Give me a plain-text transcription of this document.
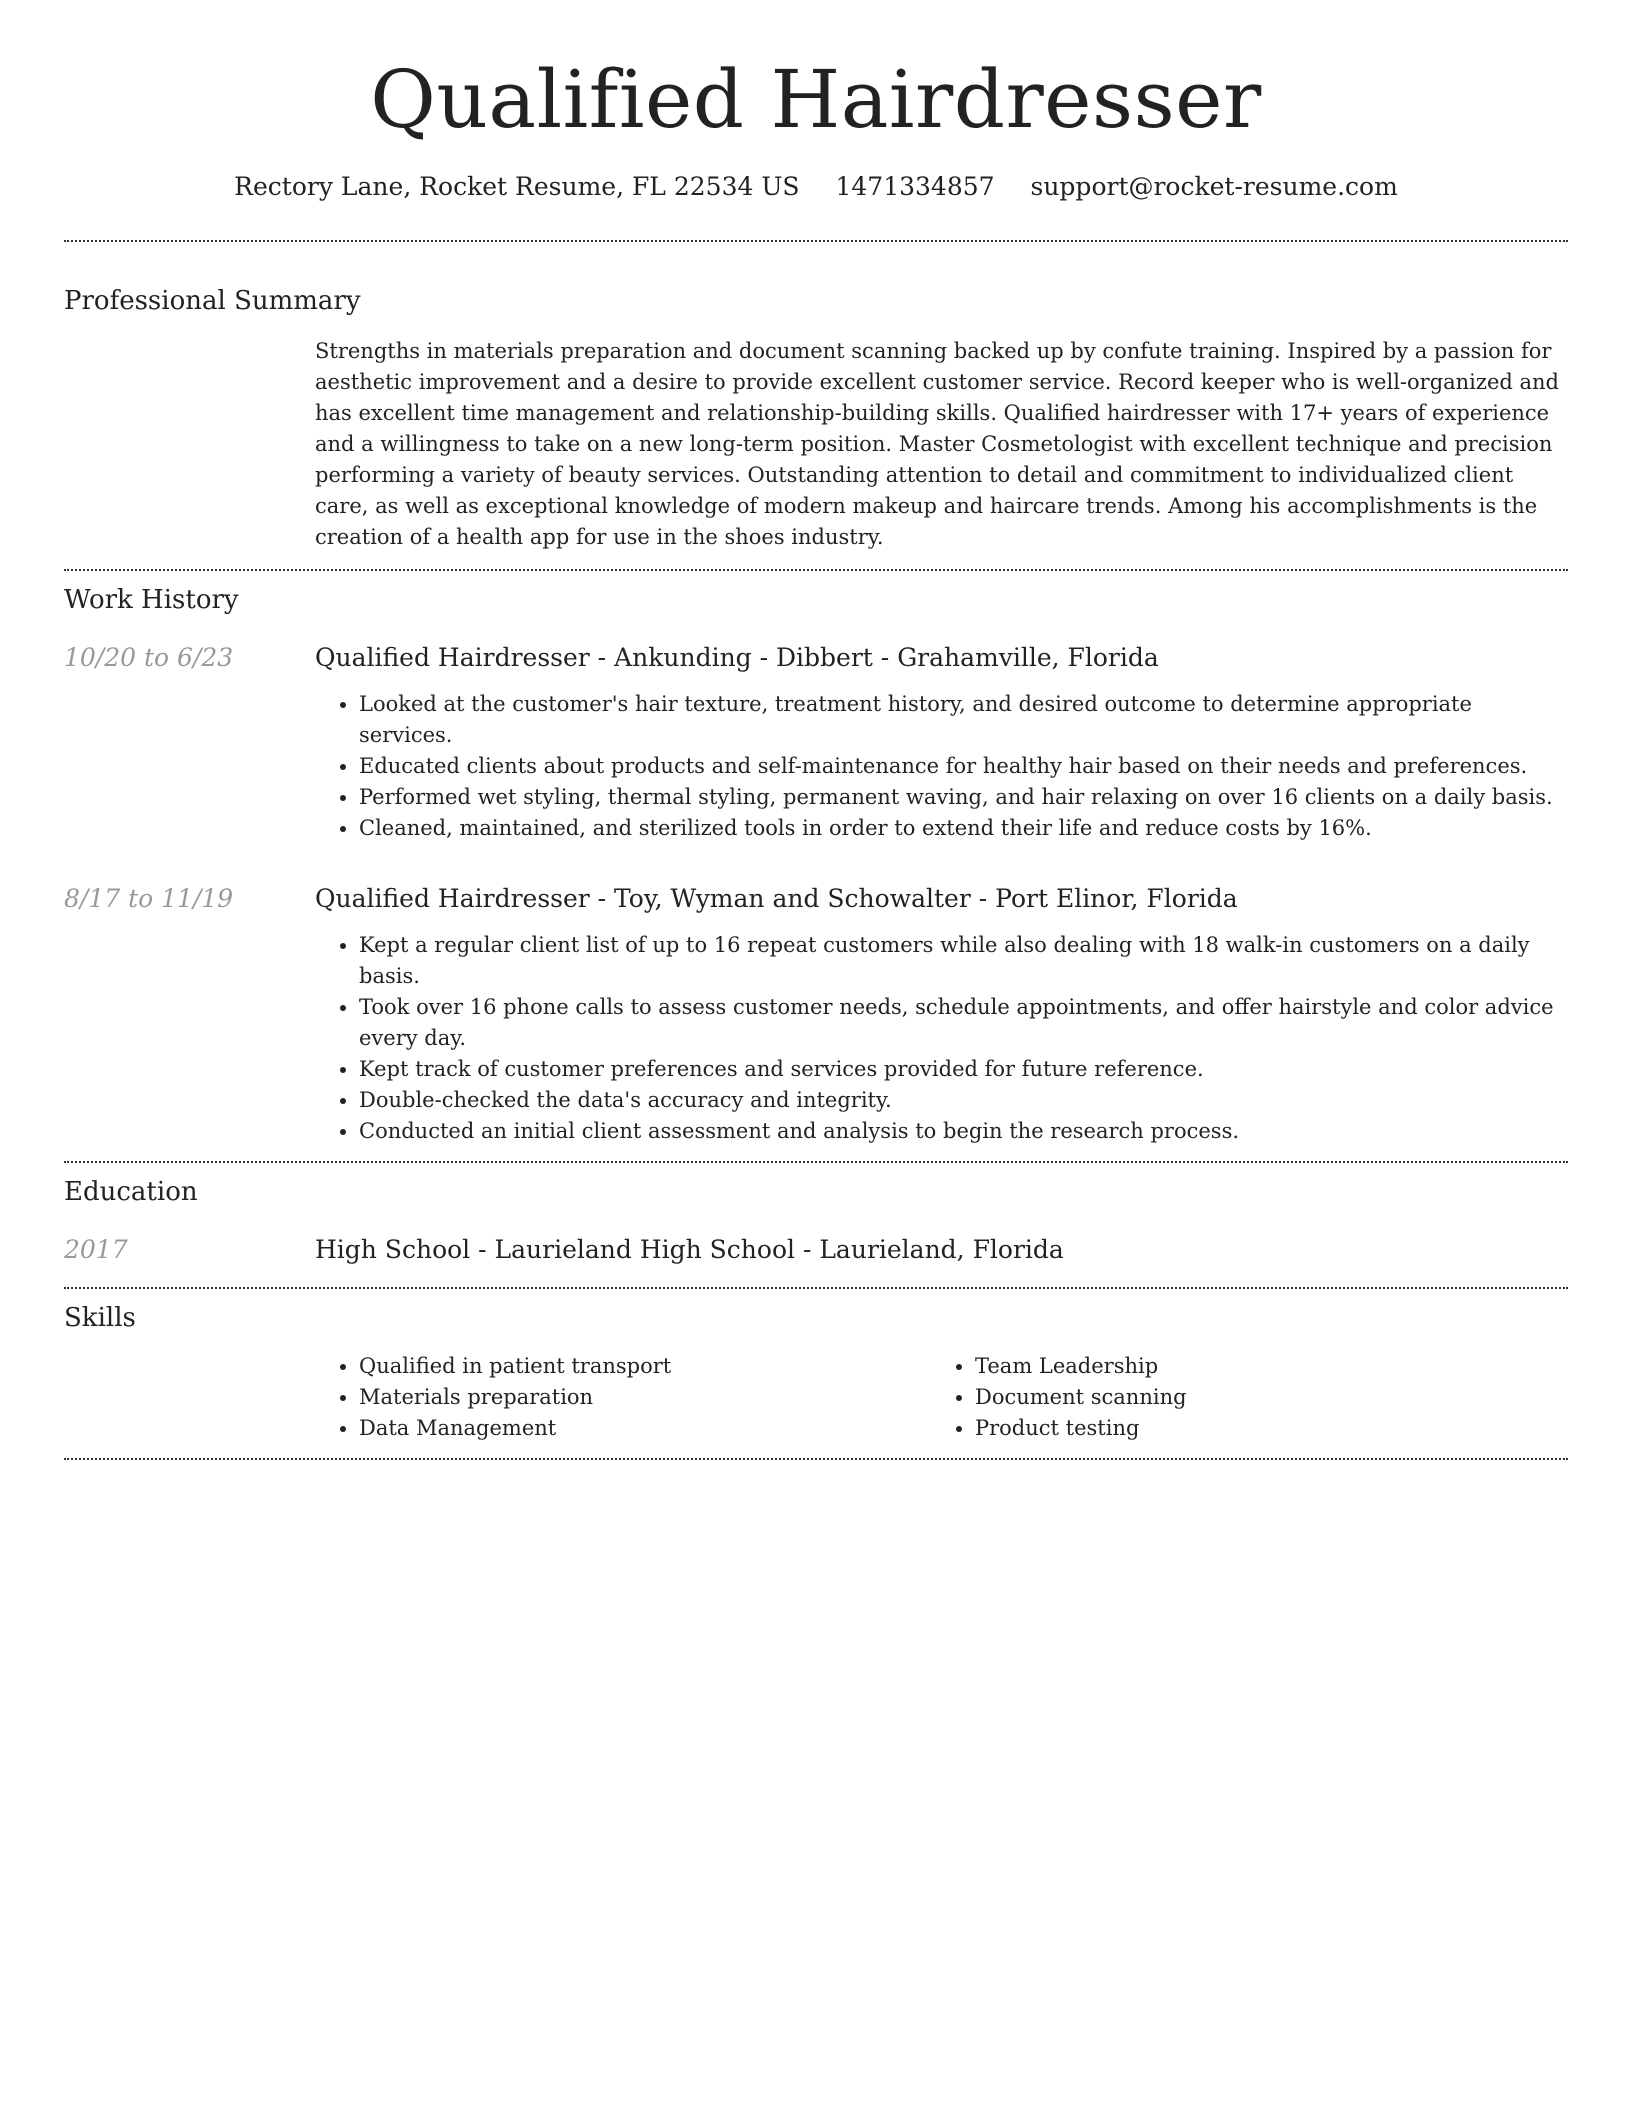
Qualified Hairdresser
Rectory Lane, Rocket Resume, FL 22534 US 1471334857 support@rocket-resume.com
Professional Summary

Strengths in materials preparation and document scanning backed up by confute training. Inspired by a passion for aesthetic improvement and a desire to provide excellent customer service. Record keeper who is well-organized and has excellent time management and relationship-building skills. Qualified hairdresser with 17+ years of experience and a willingness to take on a new long-term position. Master Cosmetologist with excellent technique and precision performing a variety of beauty services. Outstanding attention to detail and commitment to individualized client care, as well as exceptional knowledge of modern makeup and haircare trends. Among his accomplishments is the creation of a health app for use in the shoes industry.

Work History
10/20 to 6/23	Qualified Hairdresser - Ankunding - Dibbert - Grahamville, Florida
• Looked at the customer's hair texture, treatment history, and desired outcome to determine appropriate services.
• Educated clients about products and self-maintenance for healthy hair based on their needs and preferences.
• Performed wet styling, thermal styling, permanent waving, and hair relaxing on over 16 clients on a daily basis.
• Cleaned, maintained, and sterilized tools in order to extend their life and reduce costs by 16%.
8/17 to 11/19	Qualified Hairdresser - Toy, Wyman and Schowalter - Port Elinor, Florida
• Kept a regular client list of up to 16 repeat customers while also dealing with 18 walk-in customers on a daily basis.
• Took over 16 phone calls to assess customer needs, schedule appointments, and offer hairstyle and color advice every day.
• Kept track of customer preferences and services provided for future reference.
• Double-checked the data's accuracy and integrity.
• Conducted an initial client assessment and analysis to begin the research process.
Education
2017	High School - Laurieland High School - Laurieland, Florida
Skills
• Qualified in patient transport
• Materials preparation
• Data Management
• Team Leadership
• Document scanning
• Product testing
